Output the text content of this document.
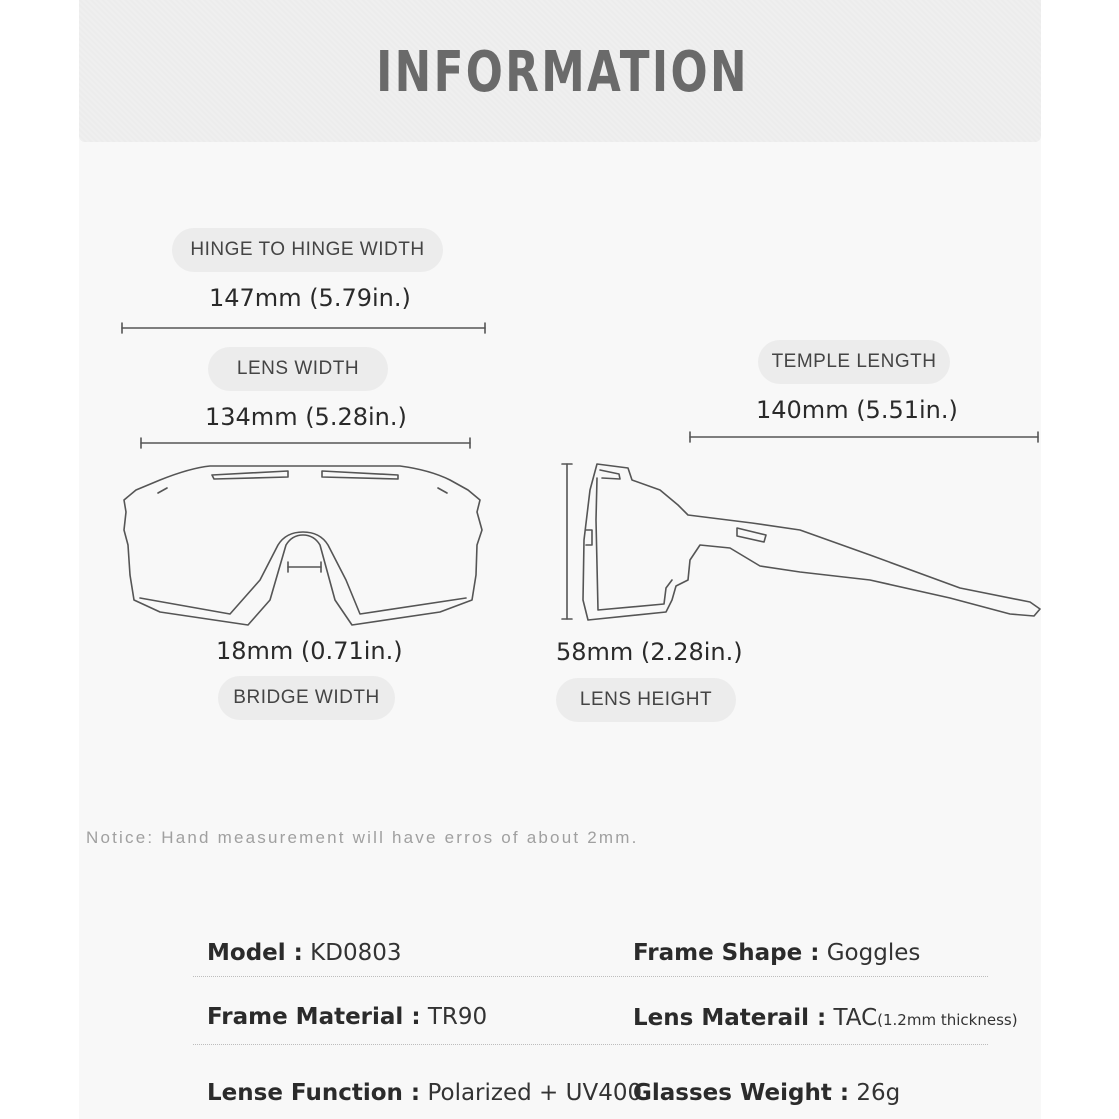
INFORMATION
HINGE TO HINGE WIDTH
147mm (5.79in.)
LENS WIDTH
134mm (5.28in.)
TEMPLE LENGTH
140mm (5.51in.)
18mm (0.71in.)
BRIDGE WIDTH
58mm (2.28in.)
LENS HEIGHT
Notice: Hand measurement will have erros of about 2mm.
Model : KD0803	Frame Shape : Goggles
Frame Material : TR90	Lens Materail : TAC(1.2mm thickness)
Lense Function : Polarized + UV400
Glasses Weight : 26g
